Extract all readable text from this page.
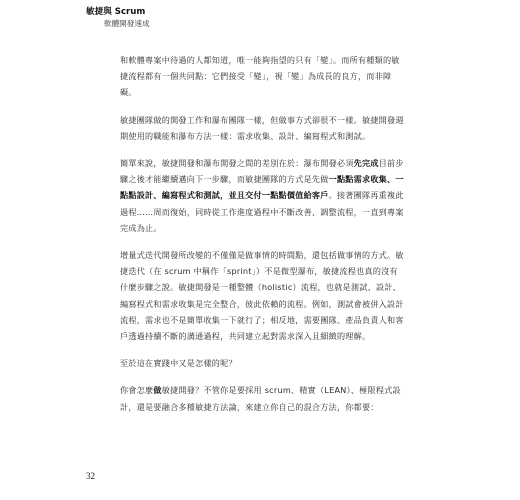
敏捷與 Scrum
軟體開發速成

和軟體專案中待過的人都知道，唯一能夠指望的只有「變」。而所有種類的敏捷流程都有一個共同點：它們接受「變」，視「變」為成長的良方，而非障礙。

敏捷團隊做的開發工作和瀑布團隊一樣，但做事方式卻很不一樣。敏捷開發週期使用的職能和瀑布方法一樣：需求收集、設計、編寫程式和測試。

簡單來說，敏捷開發和瀑布開發之間的差別在於：瀑布開發必須先完成目前步驟之後才能繼續邁向下一步驟，而敏捷團隊的方式是先做一點點需求收集、一點點設計、編寫程式和測試，並且交付一點點價值給客戶。接著團隊再重複此過程……周而復始，同時從工作進度過程中不斷改善、調整流程，一直到專案完成為止。

增量式迭代開發所改變的不僅僅是做事情的時間點，還包括做事情的方式。敏捷迭代（在 scrum 中稱作「sprint」）不是微型瀑布，敏捷流程也真的沒有什麼步驟之說。敏捷開發是一種整體（holistic）流程，也就是測試、設計、編寫程式和需求收集是完全整合，彼此依賴的流程。例如，測試會被併入設計流程，需求也不是簡單收集一下就行了；相反地，需要團隊、產品負責人和客戶透過持續不斷的溝通過程，共同建立起對需求深入且細緻的理解。

至於這在實踐中又是怎樣的呢？

你會怎麼做敏捷開發？不管你是要採用 scrum、精實（LEAN）、極限程式設計，還是要融合多種敏捷方法論，來建立你自己的混合方法，你都要：

32
